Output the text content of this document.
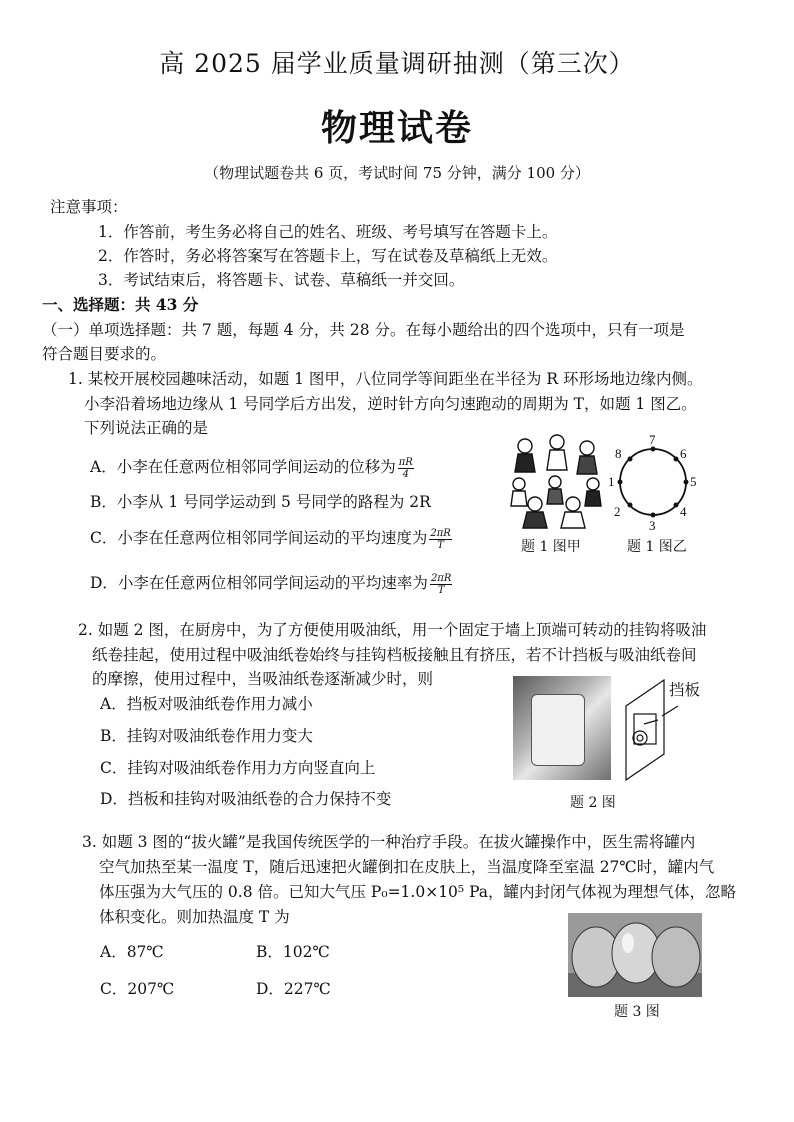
高 2025 届学业质量调研抽测（第三次）
物理试卷
（物理试题卷共 6 页，考试时间 75 分钟，满分 100 分）
注意事项：
1．作答前，考生务必将自己的姓名、班级、考号填写在答题卡上。
2．作答时，务必将答案写在答题卡上，写在试卷及草稿纸上无效。
3．考试结束后，将答题卡、试卷、草稿纸一并交回。
一、选择题：共 43 分
（一）单项选择题：共 7 题，每题 4 分，共 28 分。在每小题给出的四个选项中，只有一项是
符合题目要求的。
1. 某校开展校园趣味活动，如题 1 图甲，八位同学等间距坐在半径为 R 环形场地边缘内侧。
小李沿着场地边缘从 1 号同学后方出发，逆时针方向匀速跑动的周期为 T，如题 1 图乙。
下列说法正确的是
A．小李在任意两位相邻同学间运动的位移为 $\frac{\pi R}{4}$
B．小李从 1 号同学运动到 5 号同学的路程为 2R
C．小李在任意两位相邻同学间运动的平均速度为 $\frac{2\pi R}{T}$
D．小李在任意两位相邻同学间运动的平均速率为 $\frac{2\pi R}{T}$
题 1 图甲
1
2
3
4
5
6
7
8
题 1 图乙
2. 如题 2 图，在厨房中，为了方便使用吸油纸，用一个固定于墙上顶端可转动的挂钩将吸油
纸卷挂起，使用过程中吸油纸卷始终与挂钩档板接触且有挤压，若不计挡板与吸油纸卷间
的摩擦，使用过程中，当吸油纸卷逐渐减少时，则
A．挡板对吸油纸卷作用力减小
B．挂钩对吸油纸卷作用力变大
C．挂钩对吸油纸卷作用力方向竖直向上
D．挡板和挂钩对吸油纸卷的合力保持不变
挡板
题 2 图
3. 如题 3 图的“拔火罐”是我国传统医学的一种治疗手段。在拔火罐操作中，医生需将罐内
空气加热至某一温度 T，随后迅速把火罐倒扣在皮肤上，当温度降至室温 27℃时，罐内气
体压强为大气压的 0.8 倍。已知大气压 P₀=1.0×10⁵ Pa，罐内封闭气体视为理想气体，忽略
体积变化。则加热温度 T 为
A．87℃	B．102℃
C．207℃	D．227℃
题 3 图
